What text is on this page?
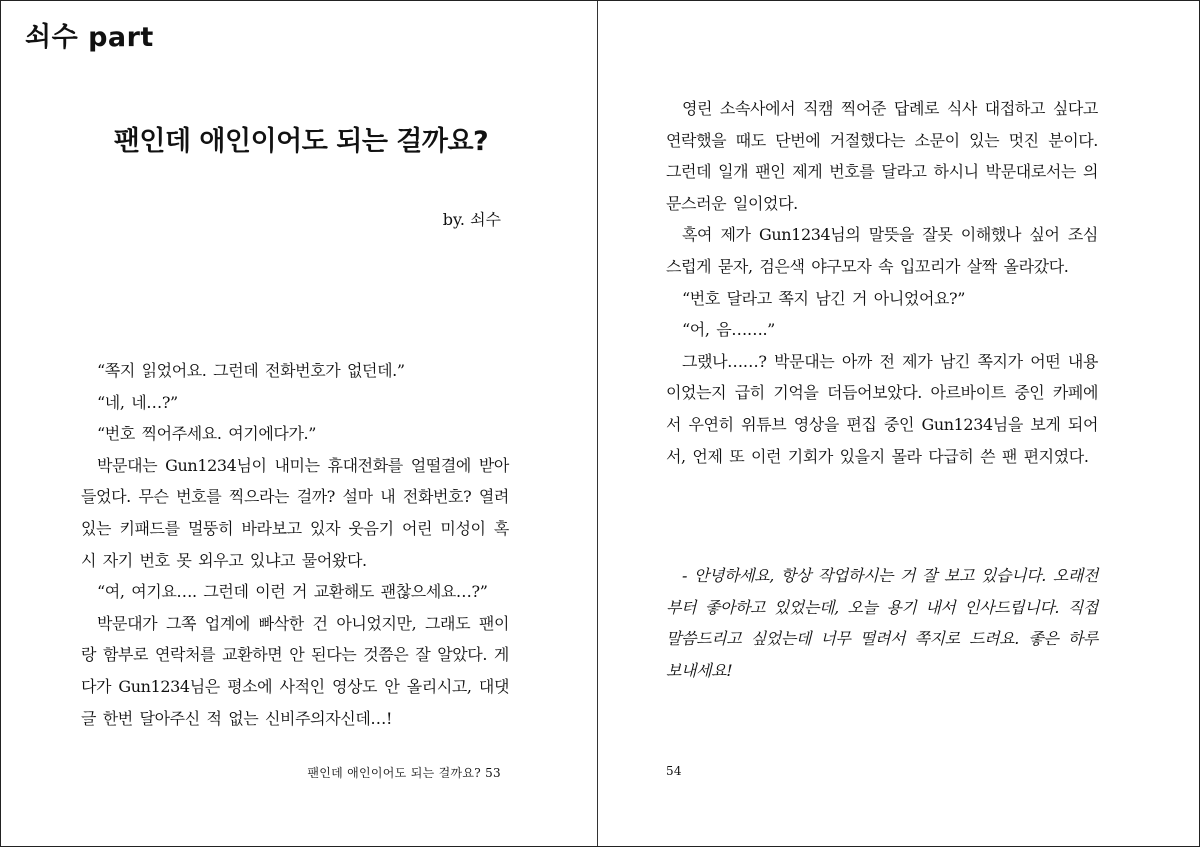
쇠수 part
팬인데 애인이어도 되는 걸까요?
by. 쇠수

“쪽지 읽었어요. 그런데 전화번호가 없던데.”

“네, 네…?”

“번호 찍어주세요. 여기에다가.”

박문대는 Gun1234님이 내미는 휴대전화를 얼떨결에 받아들었다. 무슨 번호를 찍으라는 걸까? 설마 내 전화번호? 열려있는 키패드를 멀뚱히 바라보고 있자 웃음기 어린 미성이 혹시 자기 번호 못 외우고 있냐고 물어왔다.

“여, 여기요…. 그런데 이런 거 교환해도 괜찮으세요…?”

박문대가 그쪽 업계에 빠삭한 건 아니었지만, 그래도 팬이랑 함부로 연락처를 교환하면 안 된다는 것쯤은 잘 알았다. 게다가 Gun1234님은 평소에 사적인 영상도 안 올리시고, 대댓글 한번 달아주신 적 없는 신비주의자신데…!

팬인데 애인이어도 되는 걸까요? 53

영린 소속사에서 직캠 찍어준 답례로 식사 대접하고 싶다고 연락했을 때도 단번에 거절했다는 소문이 있는 멋진 분이다. 그런데 일개 팬인 제게 번호를 달라고 하시니 박문대로서는 의문스러운 일이었다.

혹여 제가 Gun1234님의 말뜻을 잘못 이해했나 싶어 조심스럽게 묻자, 검은색 야구모자 속 입꼬리가 살짝 올라갔다.

“번호 달라고 쪽지 남긴 거 아니었어요?”

“어, 음…….”

그랬나……? 박문대는 아까 전 제가 남긴 쪽지가 어떤 내용이었는지 급히 기억을 더듬어보았다. 아르바이트 중인 카페에서 우연히 위튜브 영상을 편집 중인 Gun1234님을 보게 되어서, 언제 또 이런 기회가 있을지 몰라 다급히 쓴 팬 편지였다.

- 안녕하세요, 항상 작업하시는 거 잘 보고 있습니다. 오래전부터 좋아하고 있었는데, 오늘 용기 내서 인사드립니다. 직접 말씀드리고 싶었는데 너무 떨려서 쪽지로 드려요. 좋은 하루 보내세요!

54
